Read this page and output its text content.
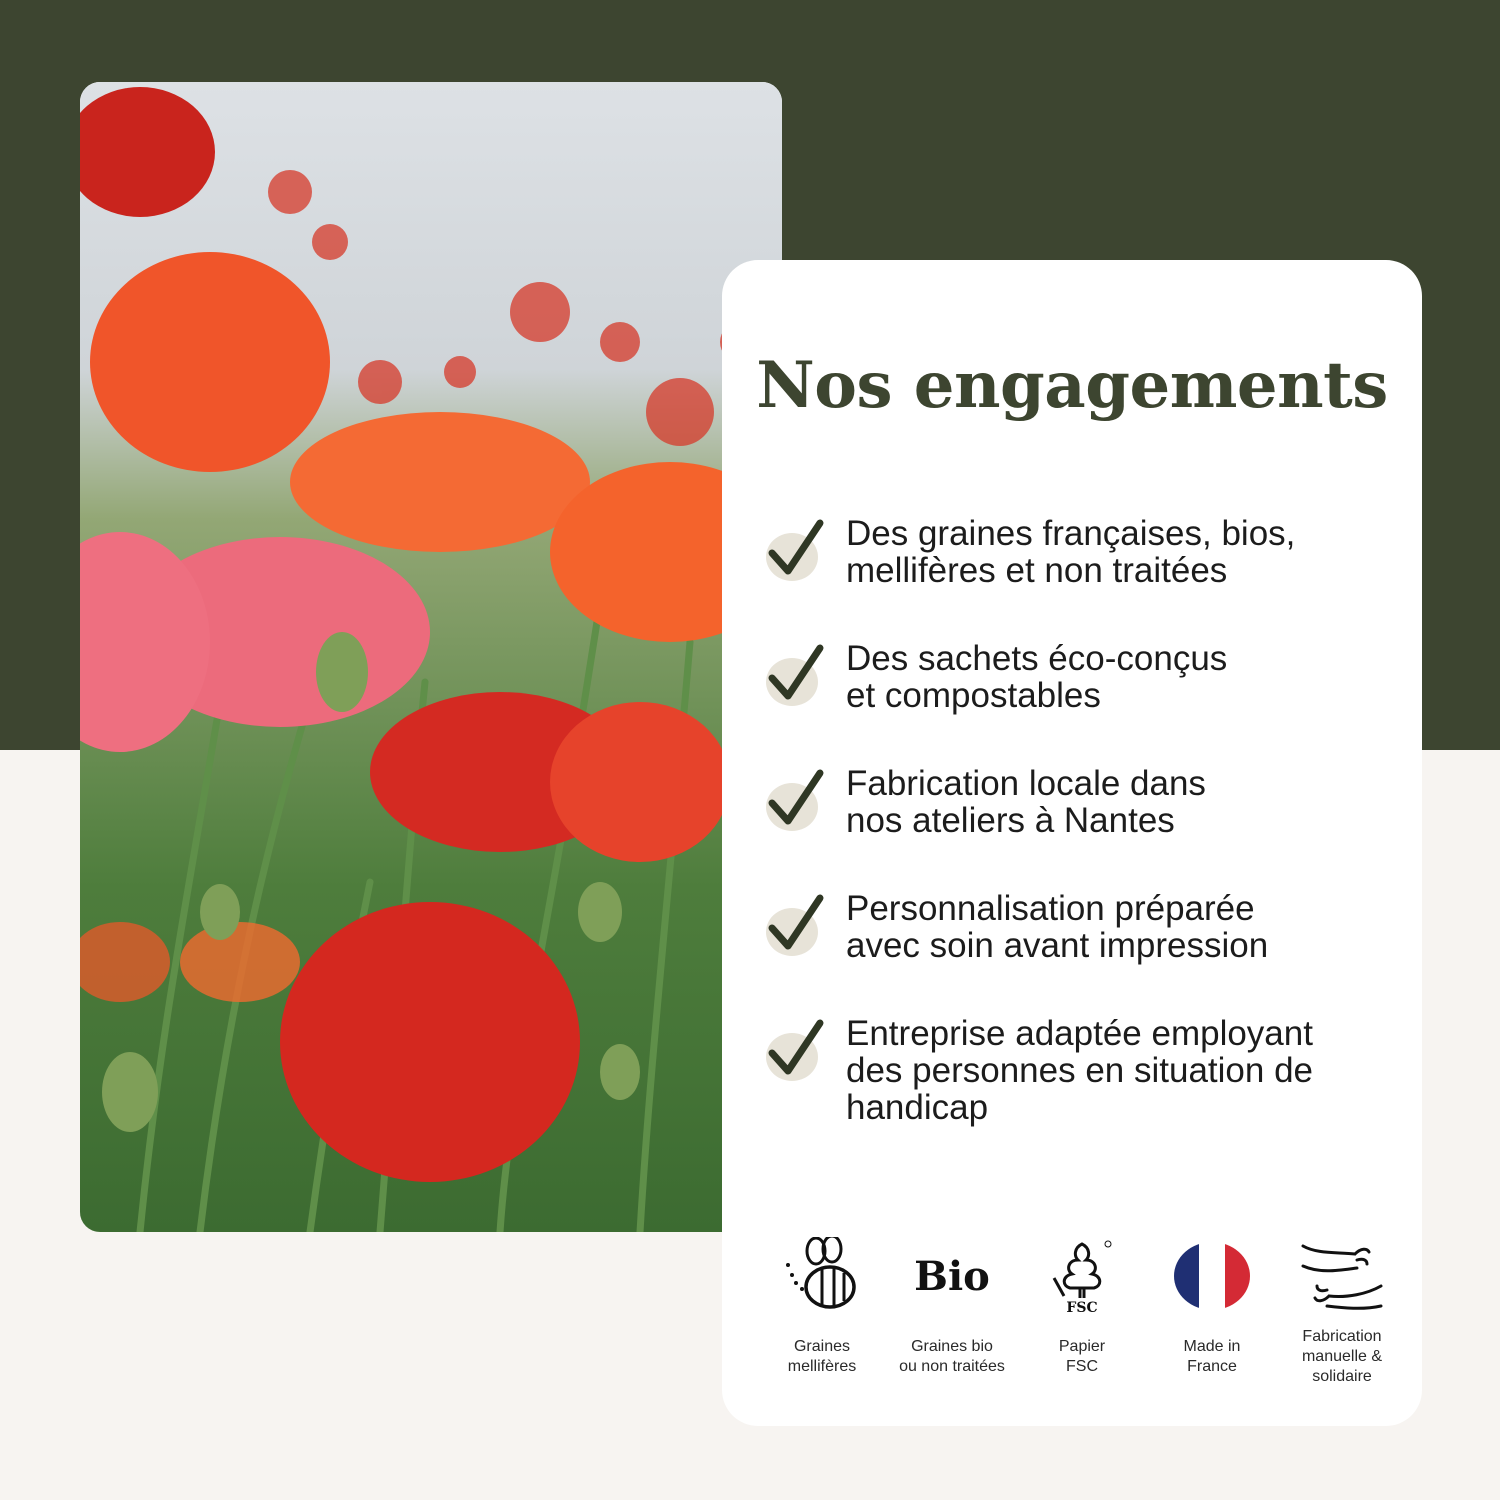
Nos engagements
Des graines françaises, bios,
mellifères et non traitées
Des sachets éco-conçus
et compostables
Fabrication locale dans
nos ateliers à Nantes
Personnalisation préparée
avec soin avant impression
Entreprise adaptée employant
des personnes en situation de
handicap
Graines
mellifères
Bio
Graines bio
ou non traitées
FSC
Papier
FSC
Made in
France
Fabrication
manuelle &
solidaire
